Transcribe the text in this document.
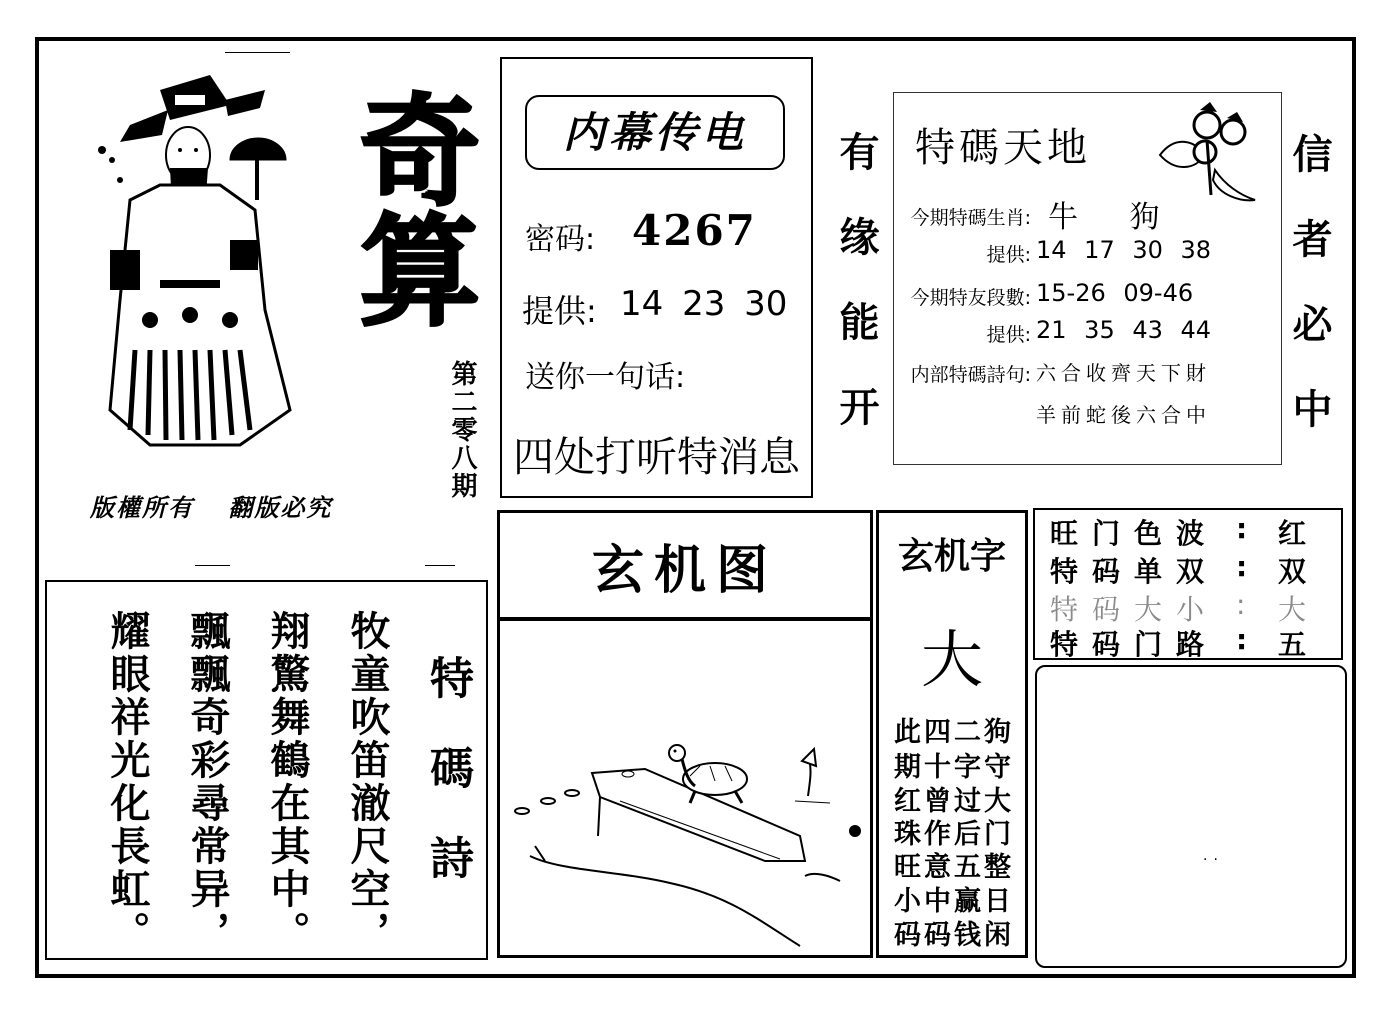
奇算
第二零八期
版權所有 翻版必究
内幕传电
密码: 4267
提供: 14 23 30
送你一句话:
四处打听特消息 有缘能开	信者必中
特碼天地
今期特碼生肖: 牛 狗
提供: 14 17 30 38
今期特友段數: 15-26 09-46
提供: 21 35 43 44
内部特碼詩句: 六合收齊天下財
羊前蛇後六合中
特碼詩
牧童吹笛澈尺空，
翔驚舞鶴在其中。
飄飄奇彩尋常异，
耀眼祥光化長虹。
玄机图	玄机字
大
此四二狗
期十字守
红曾过大
珠作后门
旺意五整
小中赢日
码码钱闲
旺门色波 : 红
特码单双 : 双
特码大小 : 大
特码门路 : 五
..
